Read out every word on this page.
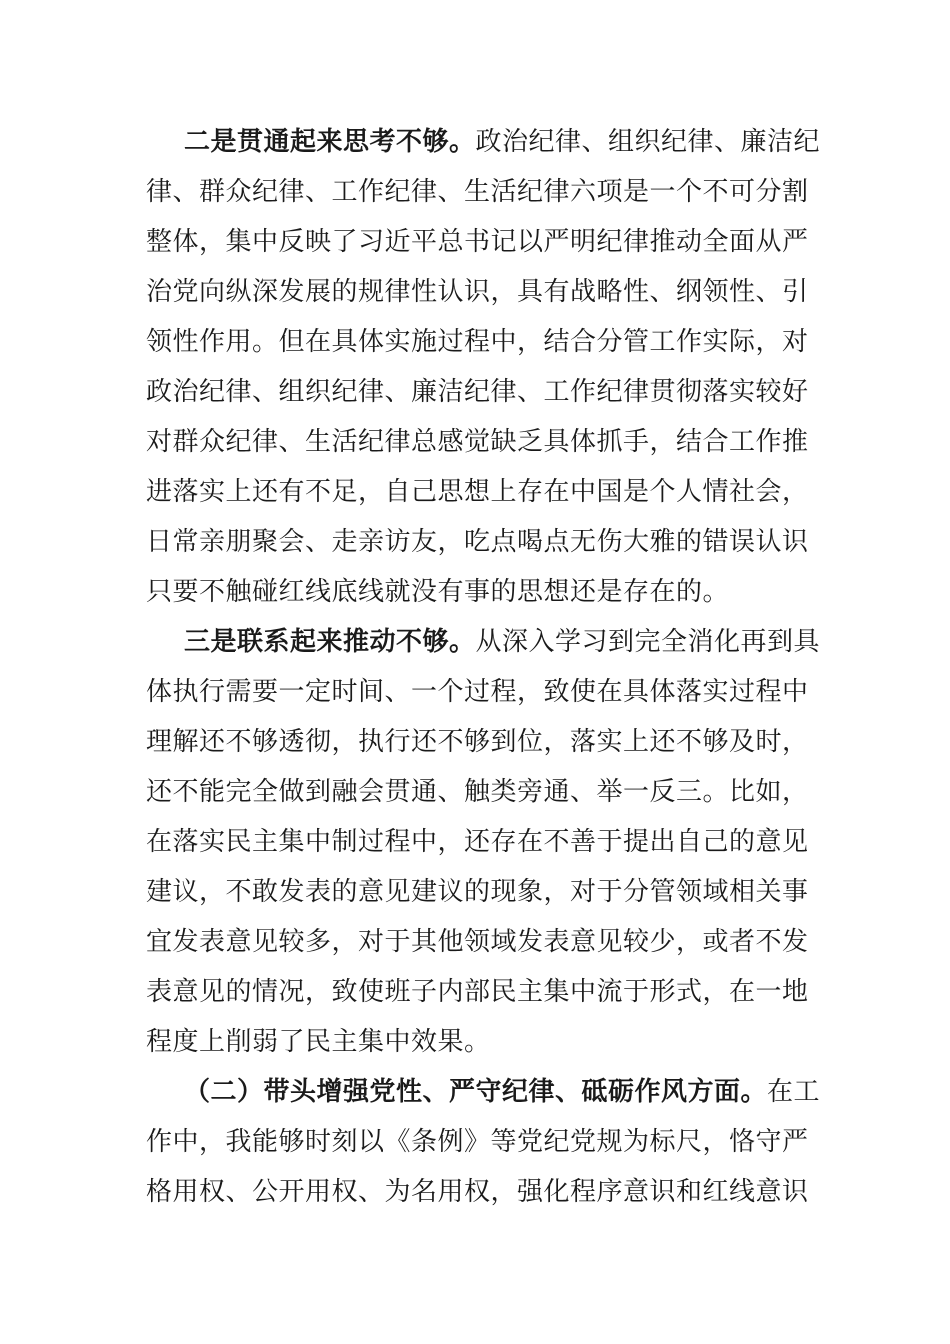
二是贯通起来思考不够。政治纪律、组织纪律、廉洁纪
律、群众纪律、工作纪律、生活纪律六项是一个不可分割
整体，集中反映了习近平总书记以严明纪律推动全面从严
治党向纵深发展的规律性认识，具有战略性、纲领性、引
领性作用。但在具体实施过程中，结合分管工作实际，对
政治纪律、组织纪律、廉洁纪律、工作纪律贯彻落实较好
对群众纪律、生活纪律总感觉缺乏具体抓手，结合工作推
进落实上还有不足，自己思想上存在中国是个人情社会，
日常亲朋聚会、走亲访友，吃点喝点无伤大雅的错误认识
只要不触碰红线底线就没有事的思想还是存在的。
三是联系起来推动不够。从深入学习到完全消化再到具
体执行需要一定时间、一个过程，致使在具体落实过程中
理解还不够透彻，执行还不够到位，落实上还不够及时，
还不能完全做到融会贯通、触类旁通、举一反三。比如，
在落实民主集中制过程中，还存在不善于提出自己的意见
建议，不敢发表的意见建议的现象，对于分管领域相关事
宜发表意见较多，对于其他领域发表意见较少，或者不发
表意见的情况，致使班子内部民主集中流于形式，在一地
程度上削弱了民主集中效果。
（二）带头增强党性、严守纪律、砥砺作风方面。在工
作中，我能够时刻以《条例》等党纪党规为标尺，恪守严
格用权、公开用权、为名用权，强化程序意识和红线意识
